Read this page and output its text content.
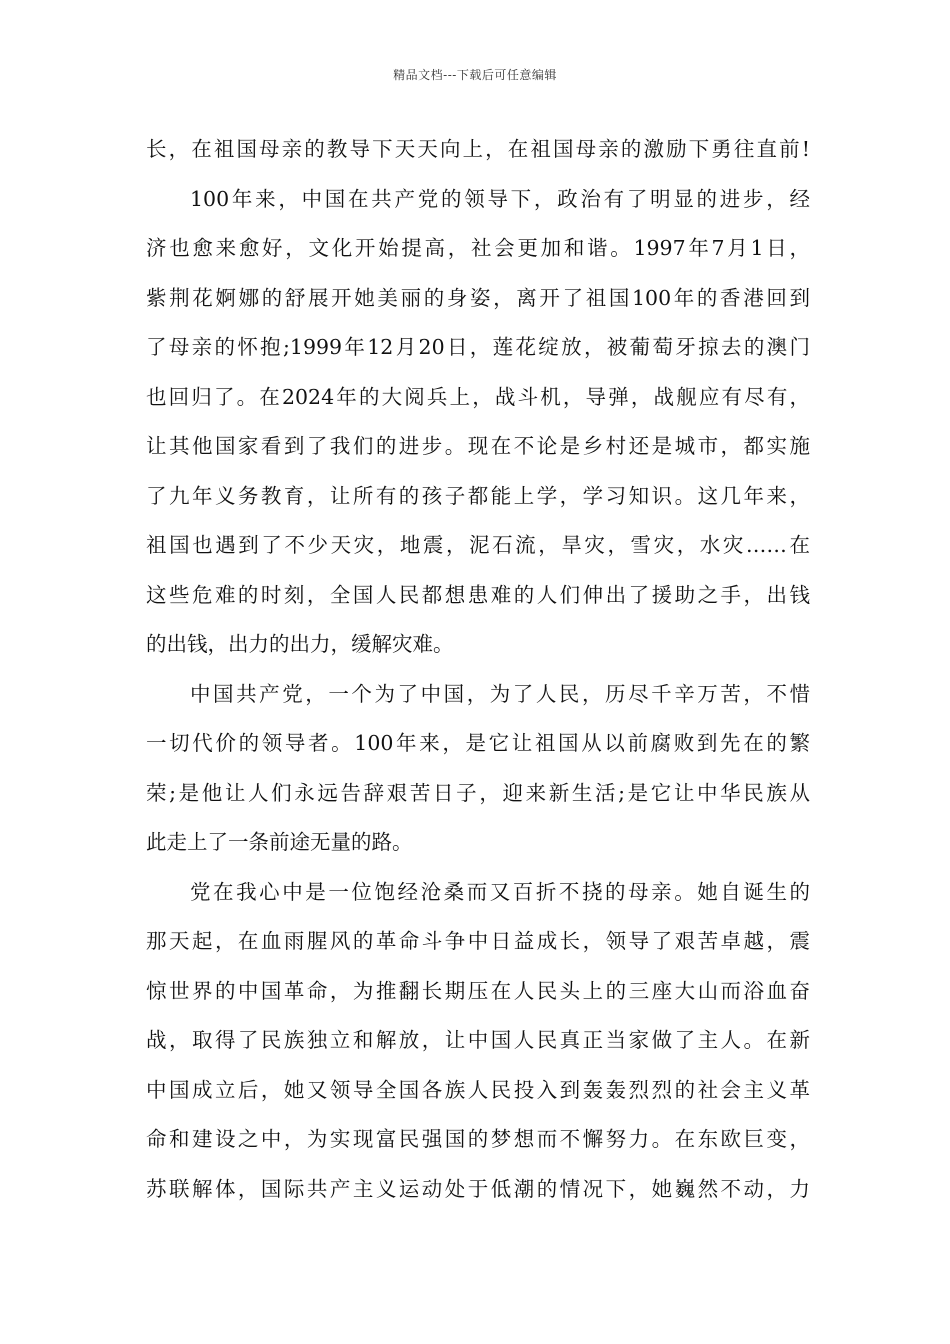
精品文档---下载后可任意编辑
长，在祖国母亲的教导下天天向上，在祖国母亲的激励下勇往直前!
100年来，中国在共产党的领导下，政治有了明显的进步，经
济也愈来愈好，文化开始提高，社会更加和谐。1997年7月1日，
紫荆花婀娜的舒展开她美丽的身姿，离开了祖国100年的香港回到
了母亲的怀抱;1999年12月20日，莲花绽放，被葡萄牙掠去的澳门
也回归了。在2024年的大阅兵上，战斗机，导弹，战舰应有尽有，
让其他国家看到了我们的进步。现在不论是乡村还是城市，都实施
了九年义务教育，让所有的孩子都能上学，学习知识。这几年来，
祖国也遇到了不少天灾，地震，泥石流，旱灾，雪灾，水灾……在
这些危难的时刻，全国人民都想患难的人们伸出了援助之手，出钱
的出钱，出力的出力，缓解灾难。
中国共产党，一个为了中国，为了人民，历尽千辛万苦，不惜
一切代价的领导者。100年来，是它让祖国从以前腐败到先在的繁
荣;是他让人们永远告辞艰苦日子，迎来新生活;是它让中华民族从
此走上了一条前途无量的路。
党在我心中是一位饱经沧桑而又百折不挠的母亲。她自诞生的
那天起，在血雨腥风的革命斗争中日益成长，领导了艰苦卓越，震
惊世界的中国革命，为推翻长期压在人民头上的三座大山而浴血奋
战，取得了民族独立和解放，让中国人民真正当家做了主人。在新
中国成立后，她又领导全国各族人民投入到轰轰烈烈的社会主义革
命和建设之中，为实现富民强国的梦想而不懈努力。在东欧巨变，
苏联解体，国际共产主义运动处于低潮的情况下，她巍然不动，力
